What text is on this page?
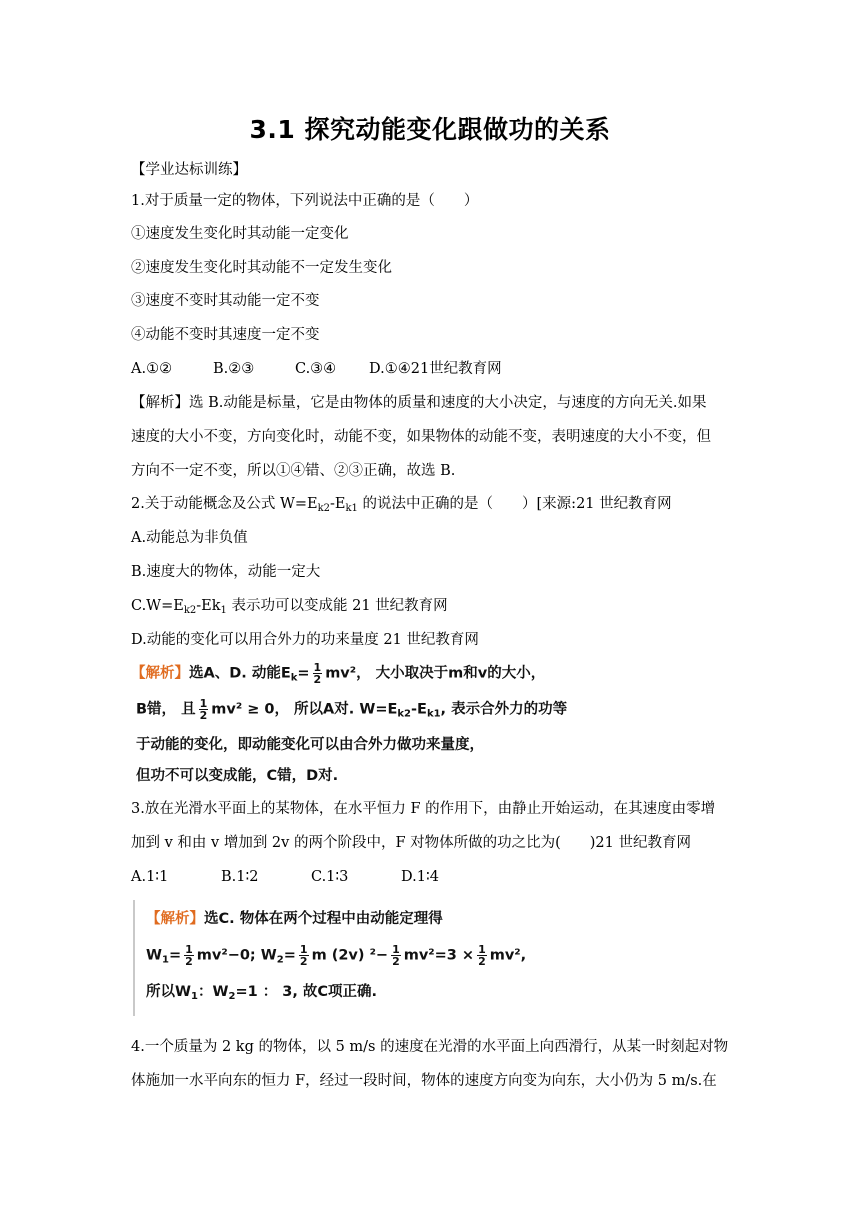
3.1 探究动能变化跟做功的关系
【学业达标训练】
1.对于质量一定的物体，下列说法中正确的是（　　）
①速度发生变化时其动能一定变化
②速度发生变化时其动能不一定发生变化
③速度不变时其动能一定不变
④动能不变时其速度一定不变
A.①②	B.②③	C.③④ D.①④21世纪教育网
【解析】选 B.动能是标量，它是由物体的质量和速度的大小决定，与速度的方向无关.如果
速度的大小不变，方向变化时，动能不变，如果物体的动能不变，表明速度的大小不变，但
方向不一定不变，所以①④错、②③正确，故选 B.
2.关于动能概念及公式 $W=E_{k2}-E_{k1}$ 的说法中正确的是（　　）[来源:21 世纪教育网
A.动能总为非负值
B.速度大的物体，动能一定大
$C.W=E_{k2}-Ek_1$ 表示功可以变成能 21 世纪教育网
D.动能的变化可以用合外力的功来量度 21 世纪教育网
【解析】选A、D. 动能$E_k= \frac{1}{2} mv^2$， 大小取决于m和v的大小，
B错， 且 $\frac{1}{2} mv^2 \ge 0$， 所以A对. $W=E_{k2}-E_{k1}$, 表示合外力的功等
于动能的变化，即动能变化可以由合外力做功来量度，
但功不可以变成能，C错，D对.
3.放在光滑水平面上的某物体，在水平恒力 F 的作用下，由静止开始运动，在其速度由零增
加到 v 和由 v 增加到 2v 的两个阶段中，F 对物体所做的功之比为(　　)21 世纪教育网
A.1∶1	B.1∶2	C.1∶3	D.1∶4
【解析】选C. 物体在两个过程中由动能定理得
$W_1= \frac{1}{2} mv^2-0$; $W_2= \frac{1}{2}$ m (2v) $^2- \frac{1}{2} mv^2=3 \times \frac{1}{2} mv^2$,
所以$W_1$：$W_2=1$ ： 3, 故C项正确.
4.一个质量为 2 kg 的物体，以 5 m/s 的速度在光滑的水平面上向西滑行，从某一时刻起对物
体施加一水平向东的恒力 F，经过一段时间，物体的速度方向变为向东，大小仍为 5 m/s.在
